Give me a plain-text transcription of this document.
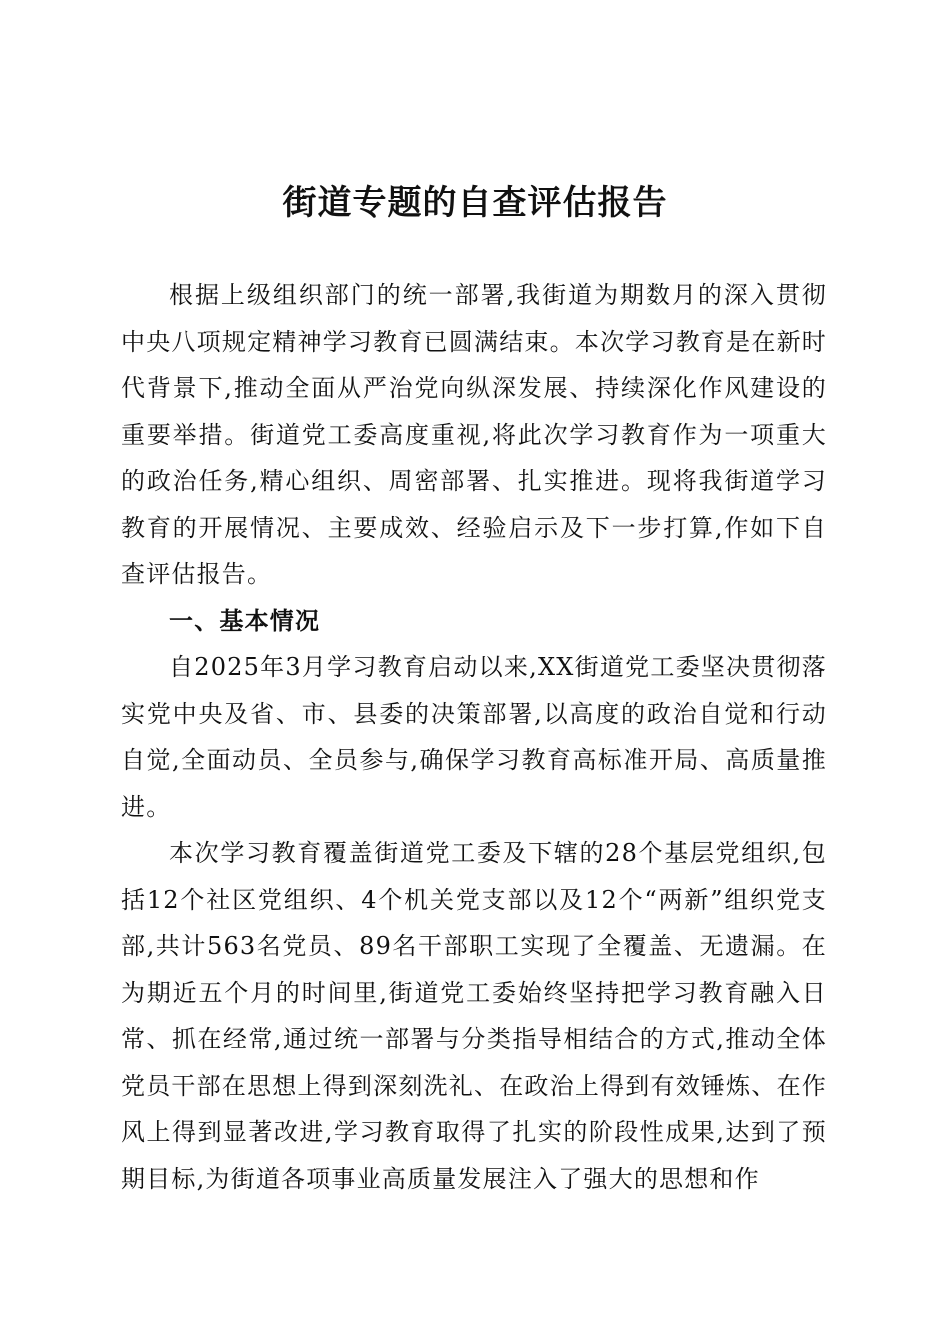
街道专题的自查评估报告

根据上级组织部门的统一部署,我街道为期数月的深入贯彻中央八项规定精神学习教育已圆满结束。本次学习教育是在新时代背景下,推动全面从严治党向纵深发展、持续深化作风建设的重要举措。街道党工委高度重视,将此次学习教育作为一项重大的政治任务,精心组织、周密部署、扎实推进。现将我街道学习教育的开展情况、主要成效、经验启示及下一步打算,作如下自查评估报告。

一、基本情况

自2025年3月学习教育启动以来,XX街道党工委坚决贯彻落实党中央及省、市、县委的决策部署,以高度的政治自觉和行动自觉,全面动员、全员参与,确保学习教育高标准开局、高质量推进。

本次学习教育覆盖街道党工委及下辖的28个基层党组织,包括12个社区党组织、4个机关党支部以及12个“两新”组织党支部,共计563名党员、89名干部职工实现了全覆盖、无遗漏。在为期近五个月的时间里,街道党工委始终坚持把学习教育融入日常、抓在经常,通过统一部署与分类指导相结合的方式,推动全体党员干部在思想上得到深刻洗礼、在政治上得到有效锤炼、在作风上得到显著改进,学习教育取得了扎实的阶段性成果,达到了预期目标,为街道各项事业高质量发展注入了强大的思想和作
